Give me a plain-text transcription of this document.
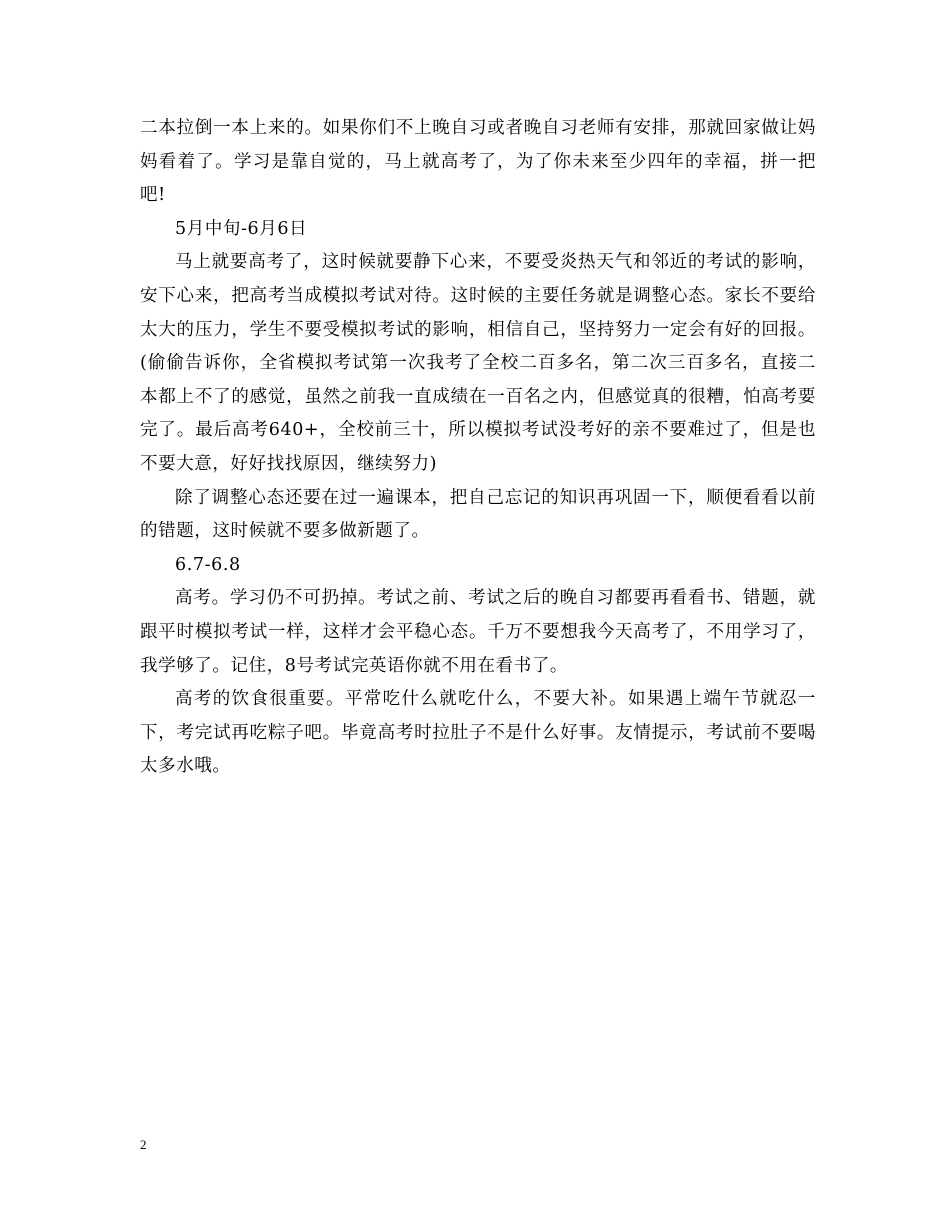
二本拉倒一本上来的。如果你们不上晚自习或者晚自习老师有安排，那就回家做让妈妈看着了。学习是靠自觉的，马上就高考了，为了你未来至少四年的幸福，拼一把吧!

5月中旬-6月6日

马上就要高考了，这时候就要静下心来，不要受炎热天气和邻近的考试的影响，安下心来，把高考当成模拟考试对待。这时候的主要任务就是调整心态。家长不要给太大的压力，学生不要受模拟考试的影响，相信自己，坚持努力一定会有好的回报。(偷偷告诉你，全省模拟考试第一次我考了全校二百多名，第二次三百多名，直接二本都上不了的感觉，虽然之前我一直成绩在一百名之内，但感觉真的很糟，怕高考要完了。最后高考640+，全校前三十，所以模拟考试没考好的亲不要难过了，但是也不要大意，好好找找原因，继续努力)

除了调整心态还要在过一遍课本，把自己忘记的知识再巩固一下，顺便看看以前的错题，这时候就不要多做新题了。

6.7-6.8

高考。学习仍不可扔掉。考试之前、考试之后的晚自习都要再看看书、错题，就跟平时模拟考试一样，这样才会平稳心态。千万不要想我今天高考了，不用学习了，我学够了。记住，8号考试完英语你就不用在看书了。

高考的饮食很重要。平常吃什么就吃什么，不要大补。如果遇上端午节就忍一下，考完试再吃粽子吧。毕竟高考时拉肚子不是什么好事。友情提示，考试前不要喝太多水哦。

2
